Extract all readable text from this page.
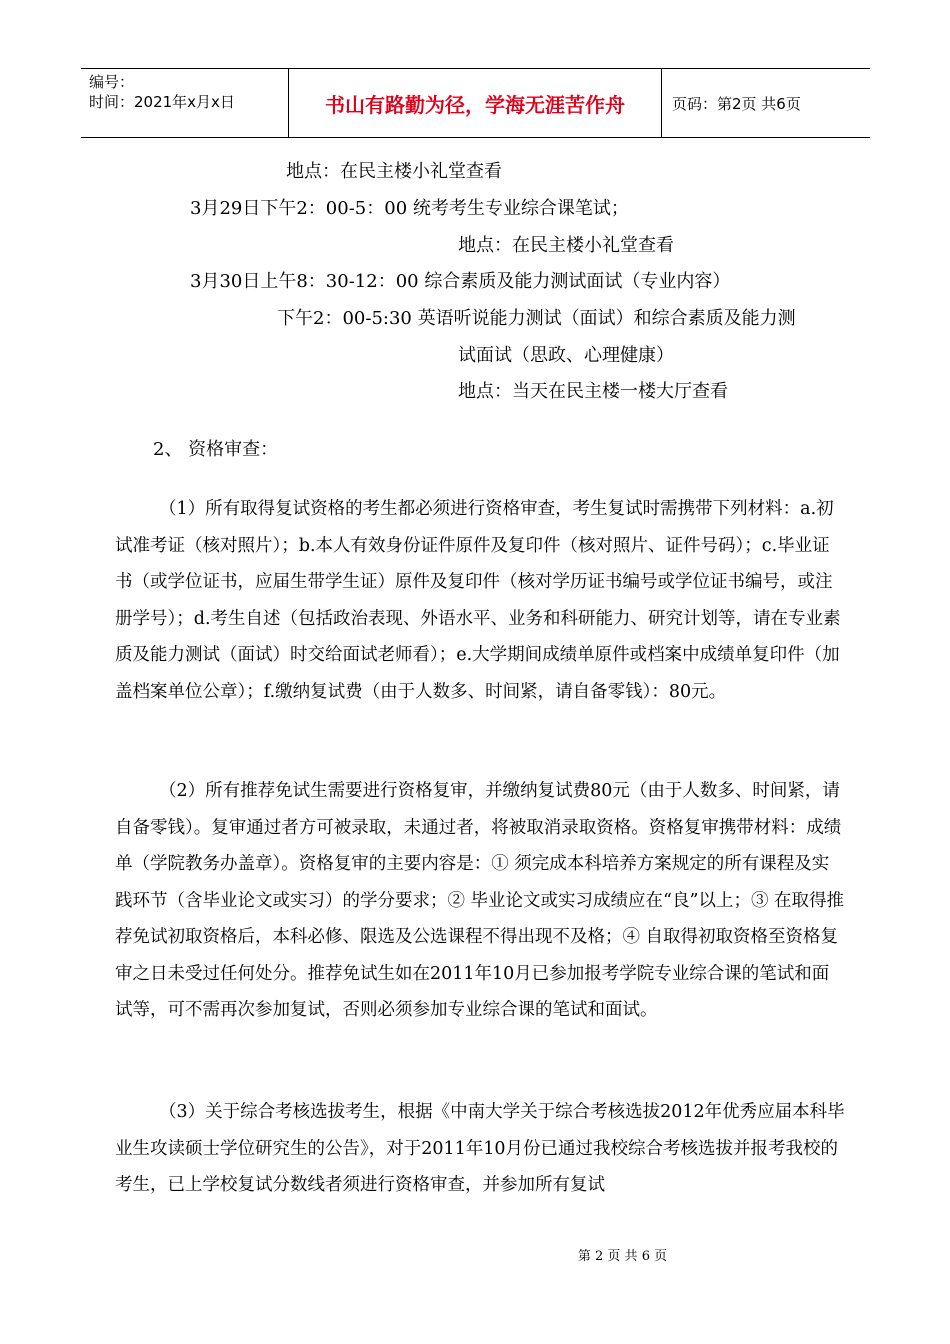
编号：
时间：2021年x月x日	书山有路勤为径，学海无涯苦作舟	页码：第2页 共6页
地点：在民主楼小礼堂查看
3月29日下午2：00-5：00 统考考生专业综合课笔试；
地点：在民主楼小礼堂查看
3月30日上午8：30-12：00 综合素质及能力测试面试（专业内容）
下午2：00-5:30 英语听说能力测试（面试）和综合素质及能力测
试面试（思政、心理健康）
地点：当天在民主楼一楼大厅查看
2、 资格审查：
（1）所有取得复试资格的考生都必须进行资格审查，考生复试时需携带下列材料：a.初试准考证（核对照片）；b.本人有效身份证件原件及复印件（核对照片、证件号码）；c.毕业证书（或学位证书，应届生带学生证）原件及复印件（核对学历证书编号或学位证书编号，或注册学号）；d.考生自述（包括政治表现、外语水平、业务和科研能力、研究计划等，请在专业素质及能力测试（面试）时交给面试老师看）；e.大学期间成绩单原件或档案中成绩单复印件（加盖档案单位公章）；f.缴纳复试费（由于人数多、时间紧，请自备零钱）：80元。
（2）所有推荐免试生需要进行资格复审，并缴纳复试费80元（由于人数多、时间紧，请自备零钱）。复审通过者方可被录取，未通过者，将被取消录取资格。资格复审携带材料：成绩单（学院教务办盖章）。资格复审的主要内容是：① 须完成本科培养方案规定的所有课程及实践环节（含毕业论文或实习）的学分要求；② 毕业论文或实习成绩应在“良”以上；③ 在取得推荐免试初取资格后，本科必修、限选及公选课程不得出现不及格；④ 自取得初取资格至资格复审之日未受过任何处分。推荐免试生如在2011年10月已参加报考学院专业综合课的笔试和面试等，可不需再次参加复试，否则必须参加专业综合课的笔试和面试。
（3）关于综合考核选拔考生，根据《中南大学关于综合考核选拔2012年优秀应届本科毕业生攻读硕士学位研究生的公告》，对于2011年10月份已通过我校综合考核选拔并报考我校的考生，已上学校复试分数线者须进行资格审查，并参加所有复试
第 2 页 共 6 页
